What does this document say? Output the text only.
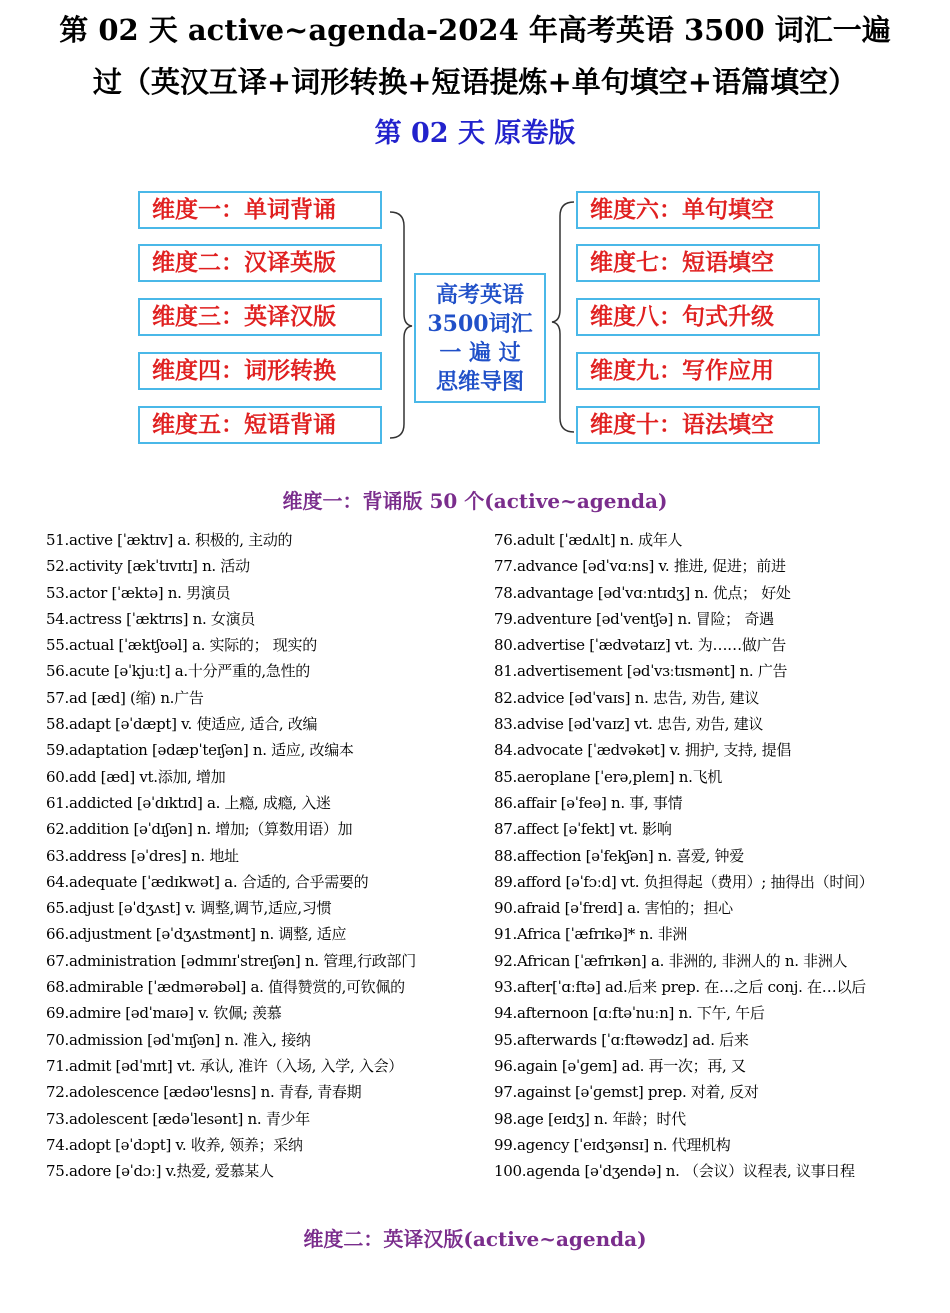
第 02 天 active~agenda-2024 年高考英语 3500 词汇一遍
过（英汉互译+词形转换+短语提炼+单句填空+语篇填空）
第 02 天 原卷版
维度一：单词背诵
维度二：汉译英版
维度三：英译汉版
维度四：词形转换
维度五：短语背诵
高考英语
3500词汇
一 遍 过
思维导图
维度六：单句填空
维度七：短语填空
维度八：句式升级
维度九：写作应用
维度十：语法填空
维度一：背诵版 50 个(active~agenda)
51.active [ˈæktɪv] a. 积极的, 主动的
52.activity [ækˈtɪvɪtɪ] n. 活动
53.actor [ˈæktə] n. 男演员
54.actress [ˈæktrɪs] n. 女演员
55.actual [ˈæktʃʊəl] a. 实际的； 现实的
56.acute [əˈkjuːt] a.十分严重的,急性的
57.ad [æd] (缩) n.广告
58.adapt [əˈdæpt] v. 使适应, 适合, 改编
59.adaptation [ədæpˈteɪʃən] n. 适应, 改编本
60.add [æd] vt.添加, 增加
61.addicted [əˈdɪktɪd] a. 上瘾, 成瘾, 入迷
62.addition [əˈdɪʃən] n. 增加;（算数用语）加
63.address [əˈdres] n. 地址
64.adequate [ˈædɪkwət] a. 合适的, 合乎需要的
65.adjust [əˈdʒʌst] v. 调整,调节,适应,习惯
66.adjustment [əˈdʒʌstmənt] n. 调整, 适应
67.administration [ədmɪnɪˈstreɪʃən] n. 管理,行政部门
68.admirable [ˈædmərəbəl] a. 值得赞赏的,可钦佩的
69.admire [ədˈmaɪə] v. 钦佩; 羡慕
70.admission [ədˈmɪʃən] n. 准入, 接纳
71.admit [ədˈmɪt] vt. 承认, 准许（入场, 入学, 入会）
72.adolescence [ædəʊ'lesns] n. 青春, 青春期
73.adolescent [ædəˈlesənt] n. 青少年
74.adopt [əˈdɔpt] v. 收养, 领养；采纳
75.adore [əˈdɔː] v.热爱, 爱慕某人
76.adult [ˈædʌlt] n. 成年人
77.advance [ədˈvɑːns] v. 推进, 促进；前进
78.advantage [ədˈvɑːntɪdʒ] n. 优点； 好处
79.adventure [ədˈventʃə] n. 冒险； 奇遇
80.advertise [ˈædvətaɪz] vt. 为……做广告
81.advertisement [ədˈvɜːtɪsmənt] n. 广告
82.advice [ədˈvaɪs] n. 忠告, 劝告, 建议
83.advise [ədˈvaɪz] vt. 忠告, 劝告, 建议
84.advocate [ˈædvəkət] v. 拥护, 支持, 提倡
85.aeroplane [ˈerə,pleɪn] n.飞机
86.affair [əˈfeə] n. 事, 事情
87.affect [əˈfekt] vt. 影响
88.affection [əˈfekʃən] n. 喜爱, 钟爱
89.afford [əˈfɔːd] vt. 负担得起（费用）; 抽得出（时间）
90.afraid [əˈfreɪd] a. 害怕的；担心
91.Africa [ˈæfrɪkə]* n. 非洲
92.African [ˈæfrɪkən] a. 非洲的, 非洲人的 n. 非洲人
93.after[ˈɑːftə] ad.后来 prep. 在…之后 conj. 在…以后
94.afternoon [ɑːftəˈnuːn] n. 下午, 午后
95.afterwards [ˈɑːftəwədz] ad. 后来
96.again [əˈɡem] ad. 再一次；再, 又
97.against [əˈɡemst] prep. 对着, 反对
98.age [eɪdʒ] n. 年龄；时代
99.agency [ˈeɪdʒənsɪ] n. 代理机构
100.agenda [əˈdʒendə] n. （会议）议程表, 议事日程
维度二：英译汉版(active~agenda)
